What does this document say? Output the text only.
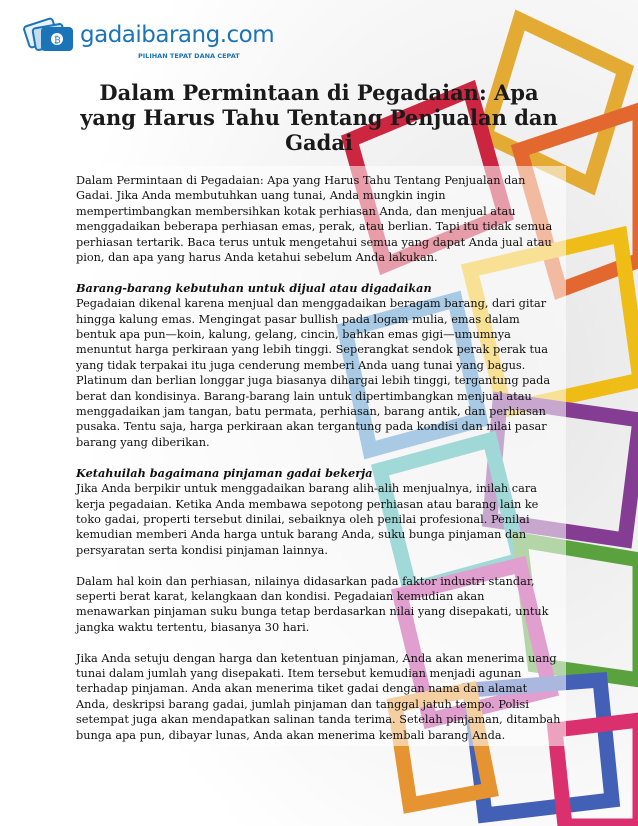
₿ gadaibarang.com
PILIHAN TEPAT DANA CEPAT
Dalam Permintaan di Pegadaian: Apa yang Harus Tahu Tentang Penjualan dan Gadai

Dalam Permintaan di Pegadaian: Apa yang Harus Tahu Tentang Penjualan dan Gadai. Jika Anda membutuhkan uang tunai, Anda mungkin ingin mempertimbangkan membersihkan kotak perhiasan Anda, dan menjual atau menggadaikan beberapa perhiasan emas, perak, atau berlian. Tapi itu tidak semua perhiasan tertarik. Baca terus untuk mengetahui semua yang dapat Anda jual atau pion, dan apa yang harus Anda ketahui sebelum Anda lakukan.

Barang-barang kebutuhan untuk dijual atau digadaikan
Pegadaian dikenal karena menjual dan menggadaikan beragam barang, dari gitar hingga kalung emas. Mengingat pasar bullish pada logam mulia, emas dalam bentuk apa pun—koin, kalung, gelang, cincin, bahkan emas gigi—umumnya menuntut harga perkiraan yang lebih tinggi. Seperangkat sendok perak perak tua yang tidak terpakai itu juga cenderung memberi Anda uang tunai yang bagus. Platinum dan berlian longgar juga biasanya dihargai lebih tinggi, tergantung pada berat dan kondisinya. Barang-barang lain untuk dipertimbangkan menjual atau menggadaikan jam tangan, batu permata, perhiasan, barang antik, dan perhiasan pusaka. Tentu saja, harga perkiraan akan tergantung pada kondisi dan nilai pasar barang yang diberikan.

Ketahuilah bagaimana pinjaman gadai bekerja
Jika Anda berpikir untuk menggadaikan barang alih-alih menjualnya, inilah cara kerja pegadaian. Ketika Anda membawa sepotong perhiasan atau barang lain ke toko gadai, properti tersebut dinilai, sebaiknya oleh penilai profesional. Penilai kemudian memberi Anda harga untuk barang Anda, suku bunga pinjaman dan persyaratan serta kondisi pinjaman lainnya.

Dalam hal koin dan perhiasan, nilainya didasarkan pada faktor industri standar, seperti berat karat, kelangkaan dan kondisi. Pegadaian kemudian akan menawarkan pinjaman suku bunga tetap berdasarkan nilai yang disepakati, untuk jangka waktu tertentu, biasanya 30 hari.

Jika Anda setuju dengan harga dan ketentuan pinjaman, Anda akan menerima uang tunai dalam jumlah yang disepakati. Item tersebut kemudian menjadi agunan terhadap pinjaman. Anda akan menerima tiket gadai dengan nama dan alamat Anda, deskripsi barang gadai, jumlah pinjaman dan tanggal jatuh tempo. Polisi setempat juga akan mendapatkan salinan tanda terima. Setelah pinjaman, ditambah bunga apa pun, dibayar lunas, Anda akan menerima kembali barang Anda.
